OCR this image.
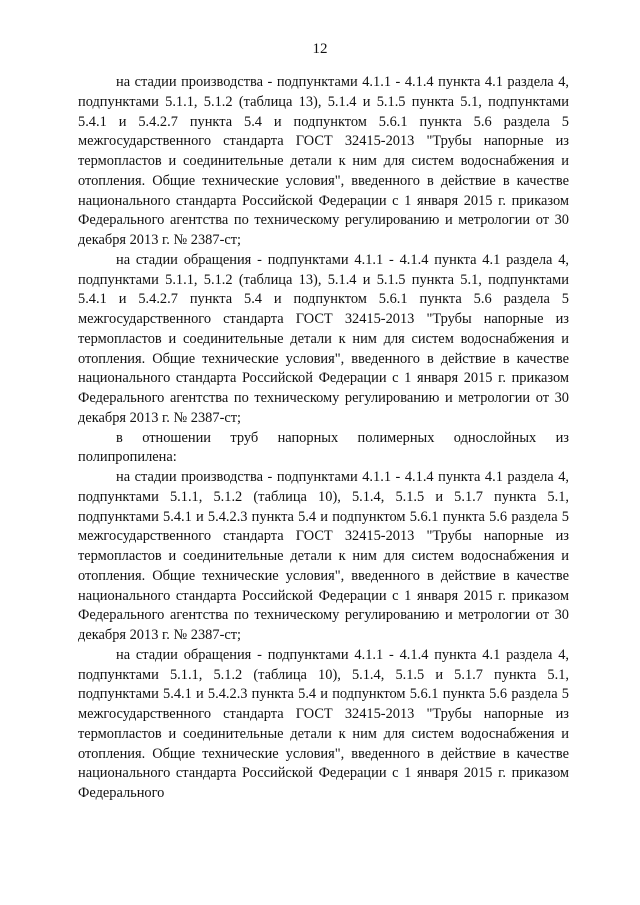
12

на стадии производства - подпунктами 4.1.1 - 4.1.4 пункта 4.1 раздела 4, подпунктами 5.1.1, 5.1.2 (таблица 13), 5.1.4 и 5.1.5 пункта 5.1, подпунктами 5.4.1 и 5.4.2.7 пункта 5.4 и подпунктом 5.6.1 пункта 5.6 раздела 5 межгосударственного стандарта ГОСТ 32415-2013 "Трубы напорные из термопластов и соединительные детали к ним для систем водоснабжения и отопления. Общие технические условия", введенного в действие в качестве национального стандарта Российской Федерации с 1 января 2015 г. приказом Федерального агентства по техническому регулированию и метрологии от 30 декабря 2013 г. № 2387-ст;

на стадии обращения - подпунктами 4.1.1 - 4.1.4 пункта 4.1 раздела 4, подпунктами 5.1.1, 5.1.2 (таблица 13), 5.1.4 и 5.1.5 пункта 5.1, подпунктами 5.4.1 и 5.4.2.7 пункта 5.4 и подпунктом 5.6.1 пункта 5.6 раздела 5 межгосударственного стандарта ГОСТ 32415-2013 "Трубы напорные из термопластов и соединительные детали к ним для систем водоснабжения и отопления. Общие технические условия", введенного в действие в качестве национального стандарта Российской Федерации с 1 января 2015 г. приказом Федерального агентства по техническому регулированию и метрологии от 30 декабря 2013 г. № 2387-ст;

в отношении труб напорных полимерных однослойных из полипропилена:

на стадии производства - подпунктами 4.1.1 - 4.1.4 пункта 4.1 раздела 4, подпунктами 5.1.1, 5.1.2 (таблица 10), 5.1.4, 5.1.5 и 5.1.7 пункта 5.1, подпунктами 5.4.1 и 5.4.2.3 пункта 5.4 и подпунктом 5.6.1 пункта 5.6 раздела 5 межгосударственного стандарта ГОСТ 32415-2013 "Трубы напорные из термопластов и соединительные детали к ним для систем водоснабжения и отопления. Общие технические условия", введенного в действие в качестве национального стандарта Российской Федерации с 1 января 2015 г. приказом Федерального агентства по техническому регулированию и метрологии от 30 декабря 2013 г. № 2387-ст;

на стадии обращения - подпунктами 4.1.1 - 4.1.4 пункта 4.1 раздела 4, подпунктами 5.1.1, 5.1.2 (таблица 10), 5.1.4, 5.1.5 и 5.1.7 пункта 5.1, подпунктами 5.4.1 и 5.4.2.3 пункта 5.4 и подпунктом 5.6.1 пункта 5.6 раздела 5 межгосударственного стандарта ГОСТ 32415-2013 "Трубы напорные из термопластов и соединительные детали к ним для систем водоснабжения и отопления. Общие технические условия", введенного в действие в качестве национального стандарта Российской Федерации с 1 января 2015 г. приказом Федерального
